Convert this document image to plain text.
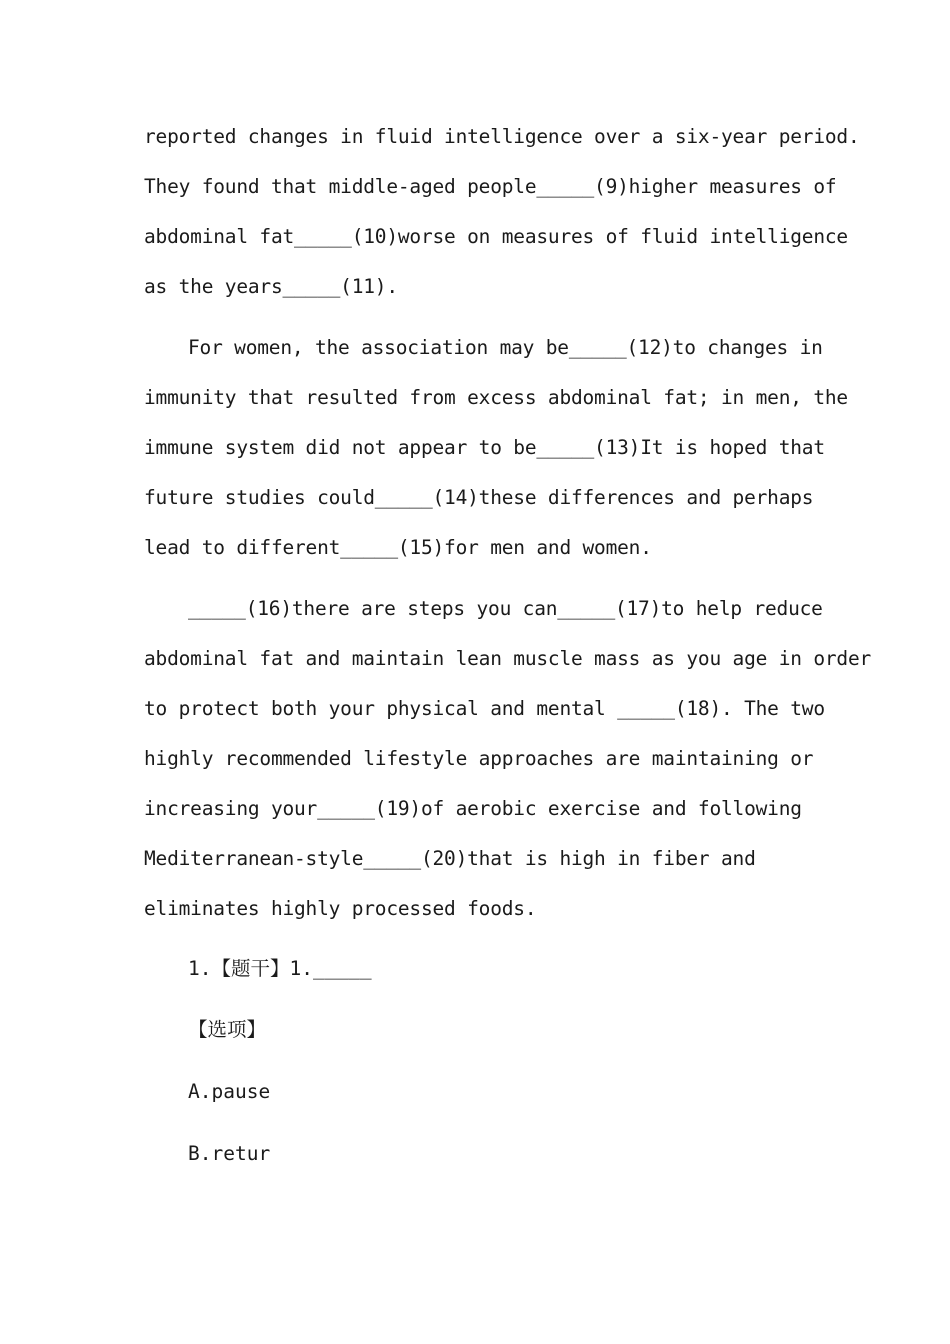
reported changes in fluid intelligence over a six-year period.
They found that middle-aged people_____(9)higher measures of
abdominal fat_____(10)worse on measures of fluid intelligence
as the years_____(11).
For women, the association may be_____(12)to changes in
immunity that resulted from excess abdominal fat; in men, the
immune system did not appear to be_____(13)It is hoped that
future studies could_____(14)these differences and perhaps
lead to different_____(15)for men and women.
_____(16)there are steps you can_____(17)to help reduce
abdominal fat and maintain lean muscle mass as you age in order
to protect both your physical and mental _____(18). The two
highly recommended lifestyle approaches are maintaining or
increasing your_____(19)of aerobic exercise and following
Mediterranean-style_____(20)that is high in fiber and
eliminates highly processed foods.
1.【题干】1._____
【选项】
A.pause
B.retur
